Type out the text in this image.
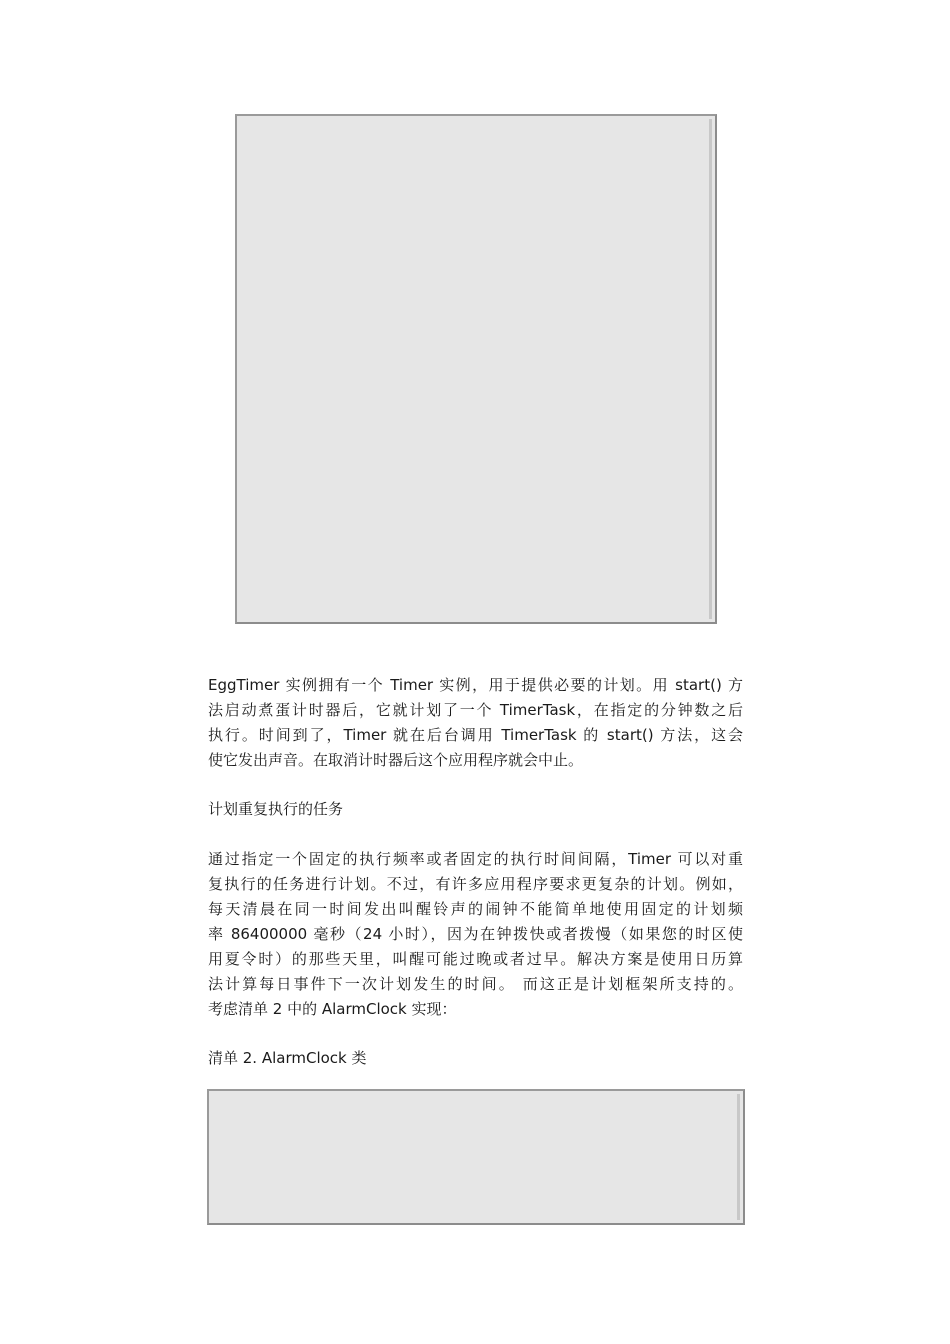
EggTimer 实例拥有一个 Timer 实例，用于提供必要的计划。用 start() 方
法启动煮蛋计时器后，它就计划了一个 TimerTask，在指定的分钟数之后
执行。时间到了，Timer 就在后台调用 TimerTask 的 start() 方法，这会
使它发出声音。在取消计时器后这个应用程序就会中止。

计划重复执行的任务

通过指定一个固定的执行频率或者固定的执行时间间隔，Timer 可以对重
复执行的任务进行计划。不过，有许多应用程序要求更复杂的计划。例如，
每天清晨在同一时间发出叫醒铃声的闹钟不能简单地使用固定的计划频
率 86400000 毫秒（24 小时），因为在钟拨快或者拨慢（如果您的时区使
用夏令时）的那些天里，叫醒可能过晚或者过早。解决方案是使用日历算
法计算每日事件下一次计划发生的时间。 而这正是计划框架所支持的。
考虑清单 2 中的 AlarmClock 实现：

清单 2. AlarmClock 类
